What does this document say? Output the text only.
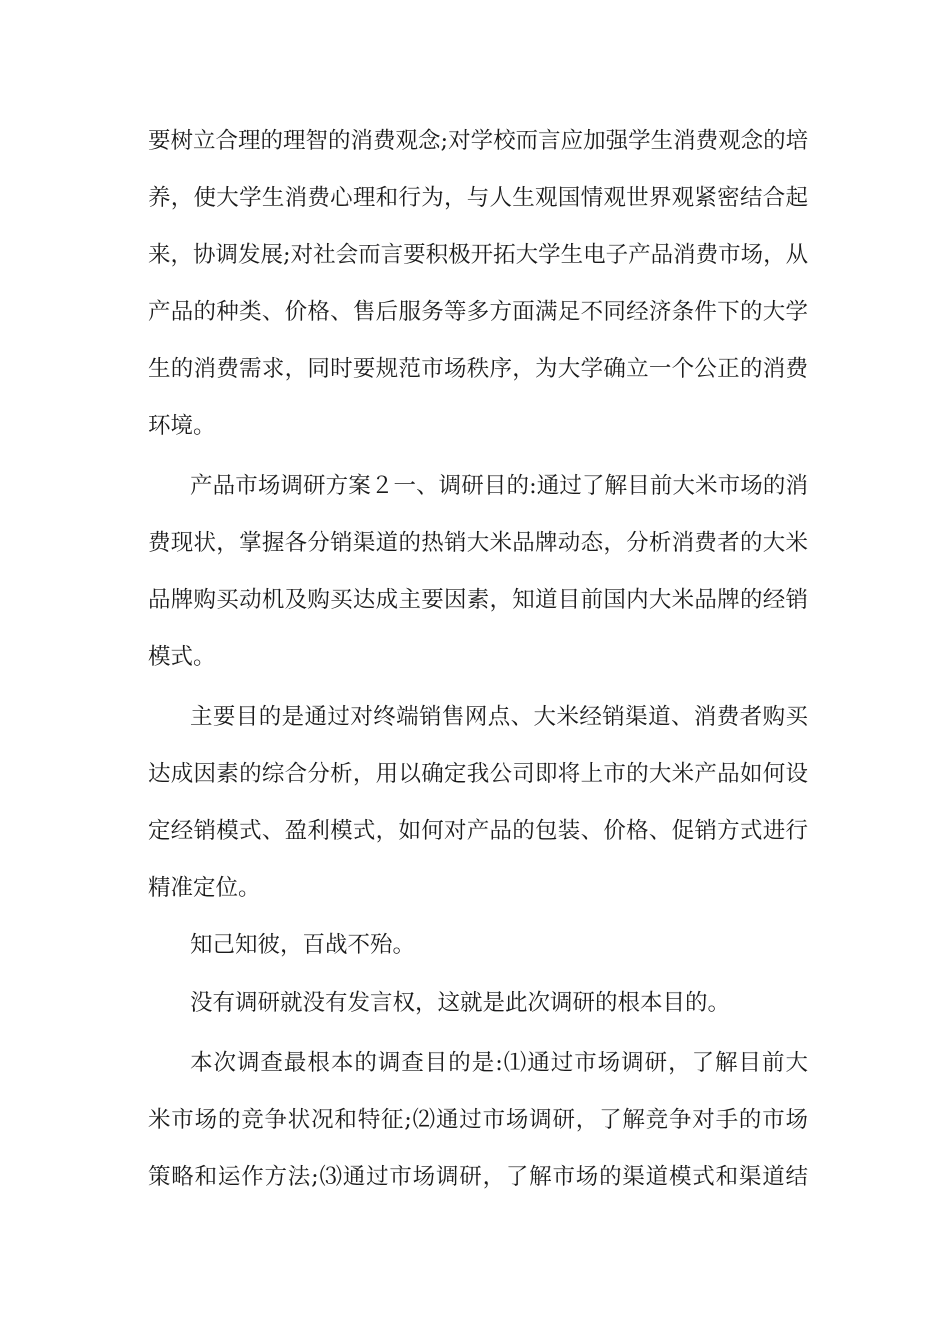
要树立合理的理智的消费观念;对学校而言应加强学生消费观念的培
养，使大学生消费心理和行为，与人生观国情观世界观紧密结合起
来，协调发展;对社会而言要积极开拓大学生电子产品消费市场，从
产品的种类、价格、售后服务等多方面满足不同经济条件下的大学
生的消费需求，同时要规范市场秩序，为大学确立一个公正的消费
环境。
产品市场调研方案２一、调研目的:通过了解目前大米市场的消
费现状，掌握各分销渠道的热销大米品牌动态，分析消费者的大米
品牌购买动机及购买达成主要因素，知道目前国内大米品牌的经销
模式。
主要目的是通过对终端销售网点、大米经销渠道、消费者购买
达成因素的综合分析，用以确定我公司即将上市的大米产品如何设
定经销模式、盈利模式，如何对产品的包装、价格、促销方式进行
精准定位。
知己知彼，百战不殆。
没有调研就没有发言权，这就是此次调研的根本目的。
本次调查最根本的调查目的是:⑴通过市场调研，了解目前大
米市场的竞争状况和特征;⑵通过市场调研，了解竞争对手的市场
策略和运作方法;⑶通过市场调研，了解市场的渠道模式和渠道结
